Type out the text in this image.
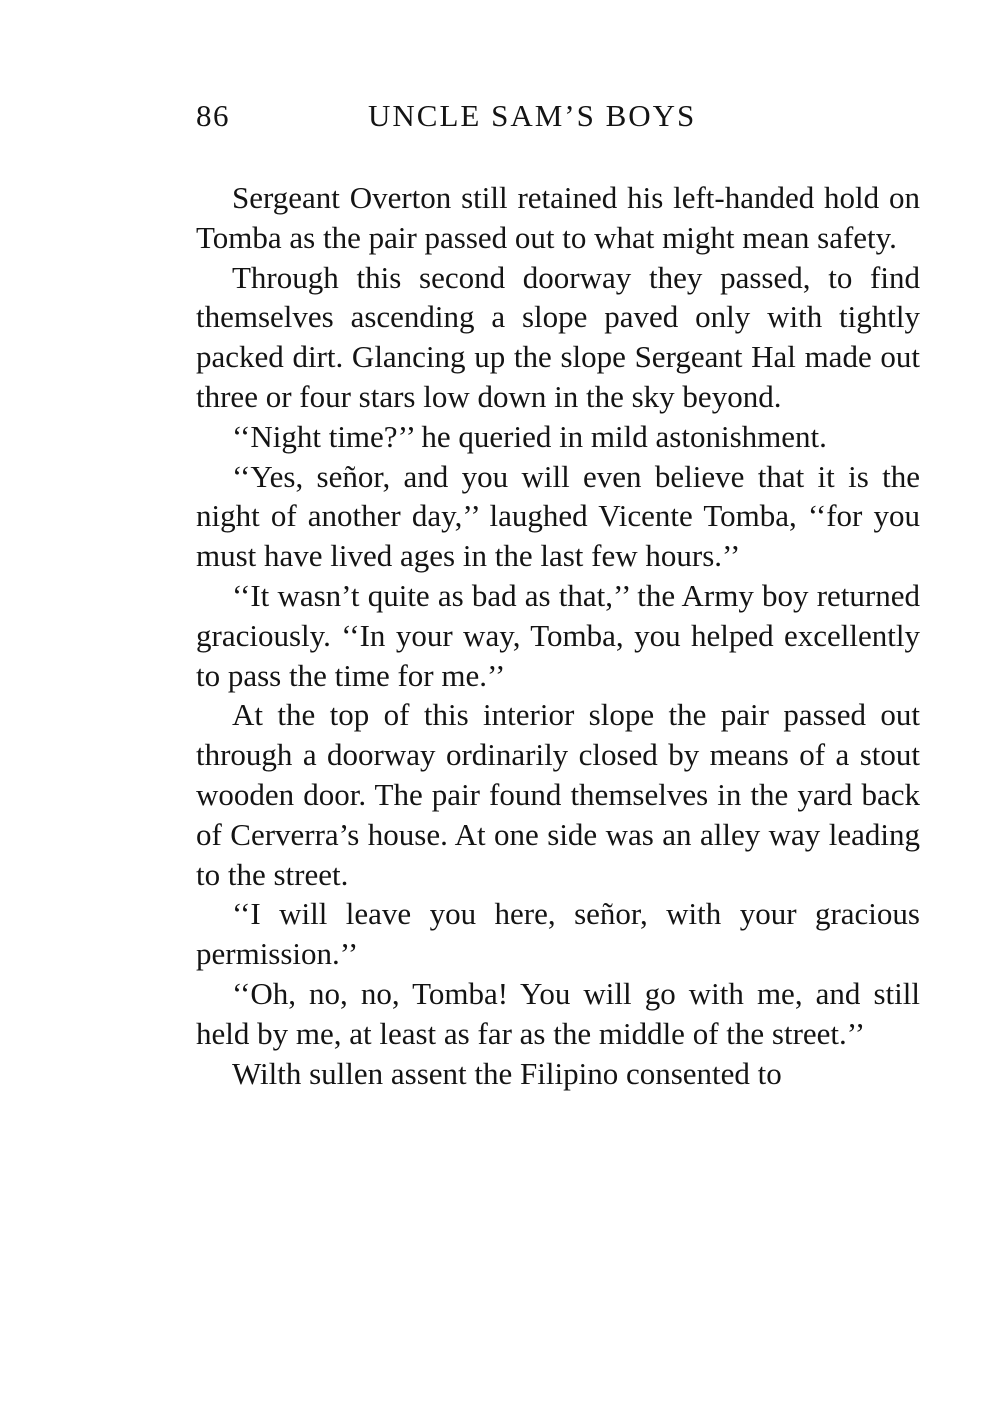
86	UNCLE SAM’S BOYS

Sergeant Overton still retained his left-handed hold on Tomba as the pair passed out to what might mean safety.

Through this second doorway they passed, to find themselves ascending a slope paved only with tightly packed dirt. Glancing up the slope Sergeant Hal made out three or four stars low down in the sky beyond.

‘‘Night time?’’ he queried in mild astonishment.

‘‘Yes, señor, and you will even believe that it is the night of another day,’’ laughed Vicente Tomba, ‘‘for you must have lived ages in the last few hours.’’

‘‘It wasn’t quite as bad as that,’’ the Army boy returned graciously. ‘‘In your way, Tomba, you helped excellently to pass the time for me.’’

At the top of this interior slope the pair passed out through a doorway ordinarily closed by means of a stout wooden door. The pair found themselves in the yard back of Cerverra’s house. At one side was an alley way leading to the street.

‘‘I will leave you here, señor, with your gracious permission.’’

‘‘Oh, no, no, Tomba! You will go with me, and still held by me, at least as far as the middle of the street.’’

Wilth sullen assent the Filipino consented to
